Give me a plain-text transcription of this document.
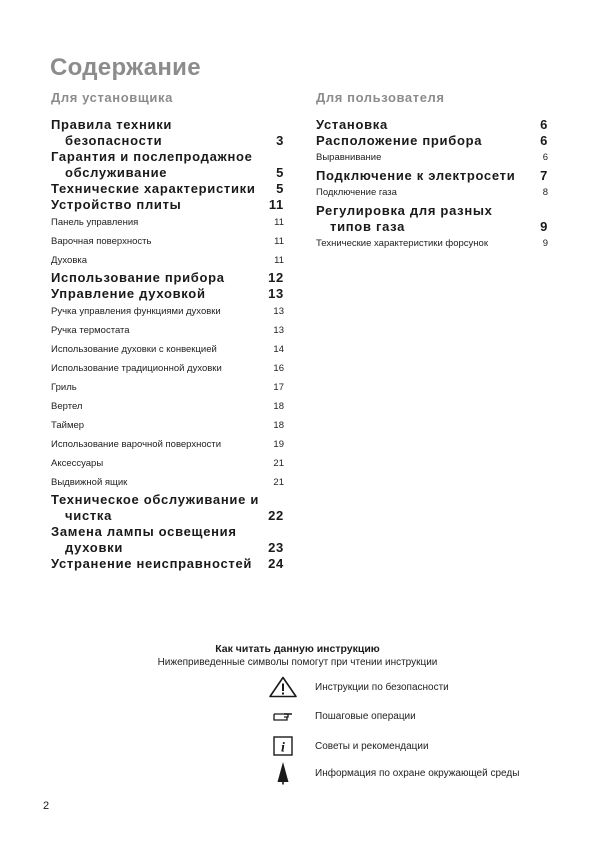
Содержание
Для установщика
Правила техники безопасности	3
Гарантия и послепродажное обслуживание	5
Технические характеристики	5
Устройство плиты	11
Панель управления	11
Варочная поверхность	11
Духовка	11
Использование прибора	12
Управление духовкой	13
Ручка управления функциями духовки	13
Ручка термостата	13
Использование духовки с конвекцией	14
Использование традиционной духовки	16
Гриль	17
Вертел	18
Таймер	18
Использование варочной поверхности	19
Аксессуары	21
Выдвижной ящик	21
Техническое обслуживание и чистка	22
Замена лампы освещения духовки	23
Устранение неисправностей	24
Для пользователя
Установка	6
Расположение прибора	6
Выравнивание	6
Подключение к электросети	7
Подключение газа	8
Регулировка для разных типов газа	9
Технические характеристики форсунок	9
Как читать данную инструкцию
Нижеприведенные символы помогут при чтении инструкции
Инструкции по безопасности
Пошаговые операции
i	Советы и рекомендации
Информация по охране окружающей среды
2
